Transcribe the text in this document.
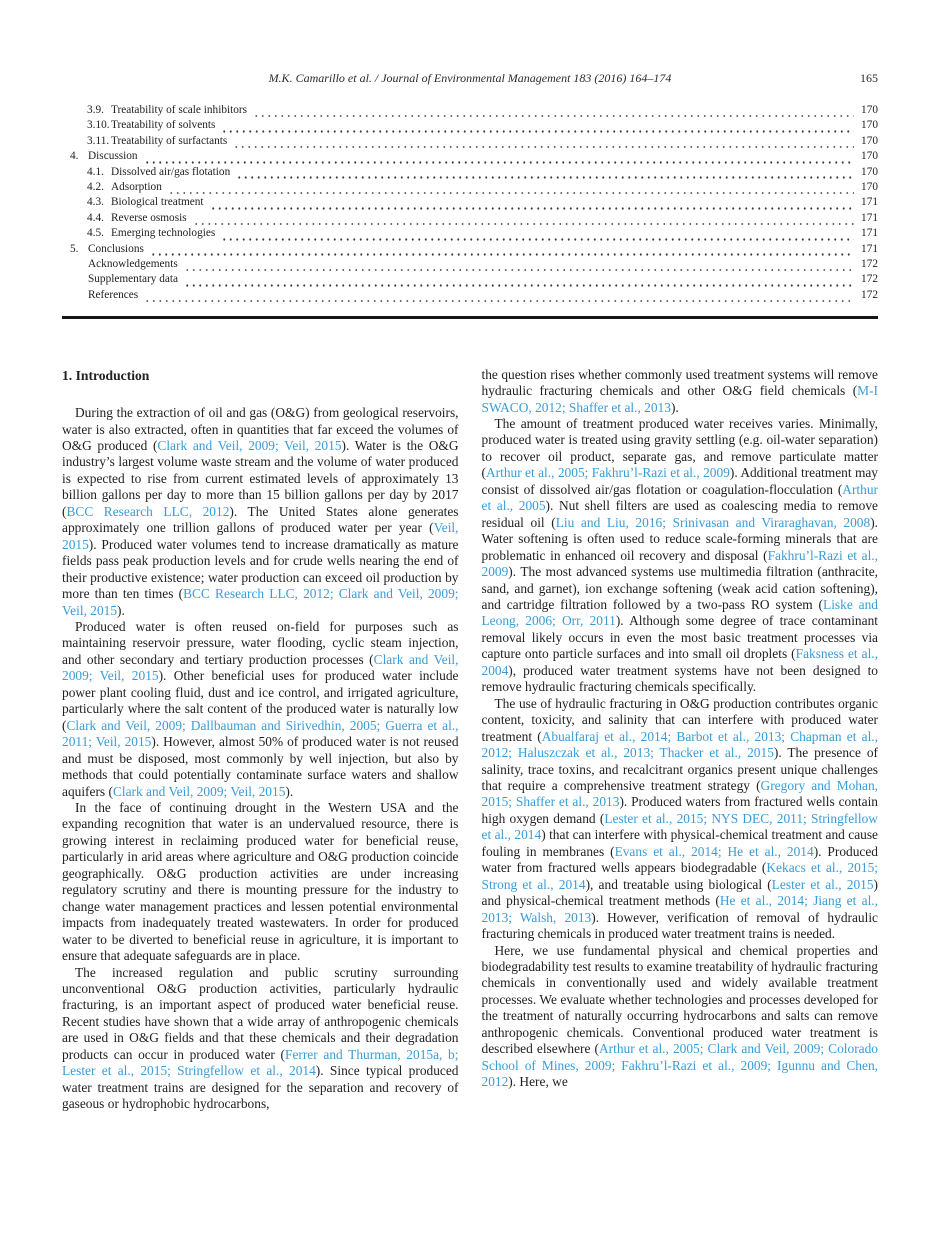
M.K. Camarillo et al. / Journal of Environmental Management 183 (2016) 164–174	165
3.9. Treatability of scale inhibitors	170
3.10. Treatability of solvents	170
3.11. Treatability of surfactants	170
4. Discussion	170
4.1. Dissolved air/gas flotation	170
4.2. Adsorption	170
4.3. Biological treatment	171
4.4. Reverse osmosis	171
4.5. Emerging technologies	171
5. Conclusions	171
Acknowledgements	172
Supplementary data	172
References	172
1. Introduction

During the extraction of oil and gas (O&G) from geological reservoirs, water is also extracted, often in quantities that far exceed the volumes of O&G produced (Clark and Veil, 2009; Veil, 2015). Water is the O&G industry’s largest volume waste stream and the volume of water produced is expected to rise from current estimated levels of approximately 13 billion gallons per day to more than 15 billion gallons per day by 2017 (BCC Research LLC, 2012). The United States alone generates approximately one trillion gallons of produced water per year (Veil, 2015). Produced water volumes tend to increase dramatically as mature fields pass peak production levels and for crude wells nearing the end of their productive existence; water production can exceed oil production by more than ten times (BCC Research LLC, 2012; Clark and Veil, 2009; Veil, 2015).

Produced water is often reused on-field for purposes such as maintaining reservoir pressure, water flooding, cyclic steam injection, and other secondary and tertiary production processes (Clark and Veil, 2009; Veil, 2015). Other beneficial uses for produced water include power plant cooling fluid, dust and ice control, and irrigated agriculture, particularly where the salt content of the produced water is naturally low (Clark and Veil, 2009; Dallbauman and Sirivedhin, 2005; Guerra et al., 2011; Veil, 2015). However, almost 50% of produced water is not reused and must be disposed, most commonly by well injection, but also by methods that could potentially contaminate surface waters and shallow aquifers (Clark and Veil, 2009; Veil, 2015).

In the face of continuing drought in the Western USA and the expanding recognition that water is an undervalued resource, there is growing interest in reclaiming produced water for beneficial reuse, particularly in arid areas where agriculture and O&G production coincide geographically. O&G production activities are under increasing regulatory scrutiny and there is mounting pressure for the industry to change water management practices and lessen potential environmental impacts from inadequately treated wastewaters. In order for produced water to be diverted to beneficial reuse in agriculture, it is important to ensure that adequate safeguards are in place.

The increased regulation and public scrutiny surrounding unconventional O&G production activities, particularly hydraulic fracturing, is an important aspect of produced water beneficial reuse. Recent studies have shown that a wide array of anthropogenic chemicals are used in O&G fields and that these chemicals and their degradation products can occur in produced water (Ferrer and Thurman, 2015a, b; Lester et al., 2015; Stringfellow et al., 2014). Since typical produced water treatment trains are designed for the separation and recovery of gaseous or hydrophobic hydrocarbons,

the question rises whether commonly used treatment systems will remove hydraulic fracturing chemicals and other O&G field chemicals (M-I SWACO, 2012; Shaffer et al., 2013).

The amount of treatment produced water receives varies. Minimally, produced water is treated using gravity settling (e.g. oil-water separation) to recover oil product, separate gas, and remove particulate matter (Arthur et al., 2005; Fakhru’l-Razi et al., 2009). Additional treatment may consist of dissolved air/gas flotation or coagulation-flocculation (Arthur et al., 2005). Nut shell filters are used as coalescing media to remove residual oil (Liu and Liu, 2016; Srinivasan and Viraraghavan, 2008). Water softening is often used to reduce scale-forming minerals that are problematic in enhanced oil recovery and disposal (Fakhru’l-Razi et al., 2009). The most advanced systems use multimedia filtration (anthracite, sand, and garnet), ion exchange softening (weak acid cation softening), and cartridge filtration followed by a two-pass RO system (Liske and Leong, 2006; Orr, 2011). Although some degree of trace contaminant removal likely occurs in even the most basic treatment processes via capture onto particle surfaces and into small oil droplets (Faksness et al., 2004), produced water treatment systems have not been designed to remove hydraulic fracturing chemicals specifically.

The use of hydraulic fracturing in O&G production contributes organic content, toxicity, and salinity that can interfere with produced water treatment (Abualfaraj et al., 2014; Barbot et al., 2013; Chapman et al., 2012; Haluszczak et al., 2013; Thacker et al., 2015). The presence of salinity, trace toxins, and recalcitrant organics present unique challenges that require a comprehensive treatment strategy (Gregory and Mohan, 2015; Shaffer et al., 2013). Produced waters from fractured wells contain high oxygen demand (Lester et al., 2015; NYS DEC, 2011; Stringfellow et al., 2014) that can interfere with physical-chemical treatment and cause fouling in membranes (Evans et al., 2014; He et al., 2014). Produced water from fractured wells appears biodegradable (Kekacs et al., 2015; Strong et al., 2014), and treatable using biological (Lester et al., 2015) and physical-chemical treatment methods (He et al., 2014; Jiang et al., 2013; Walsh, 2013). However, verification of removal of hydraulic fracturing chemicals in produced water treatment trains is needed.

Here, we use fundamental physical and chemical properties and biodegradability test results to examine treatability of hydraulic fracturing chemicals in conventionally used and widely available treatment processes. We evaluate whether technologies and processes developed for the treatment of naturally occurring hydrocarbons and salts can remove anthropogenic chemicals. Conventional produced water treatment is described elsewhere (Arthur et al., 2005; Clark and Veil, 2009; Colorado School of Mines, 2009; Fakhru’l-Razi et al., 2009; Igunnu and Chen, 2012). Here, we
